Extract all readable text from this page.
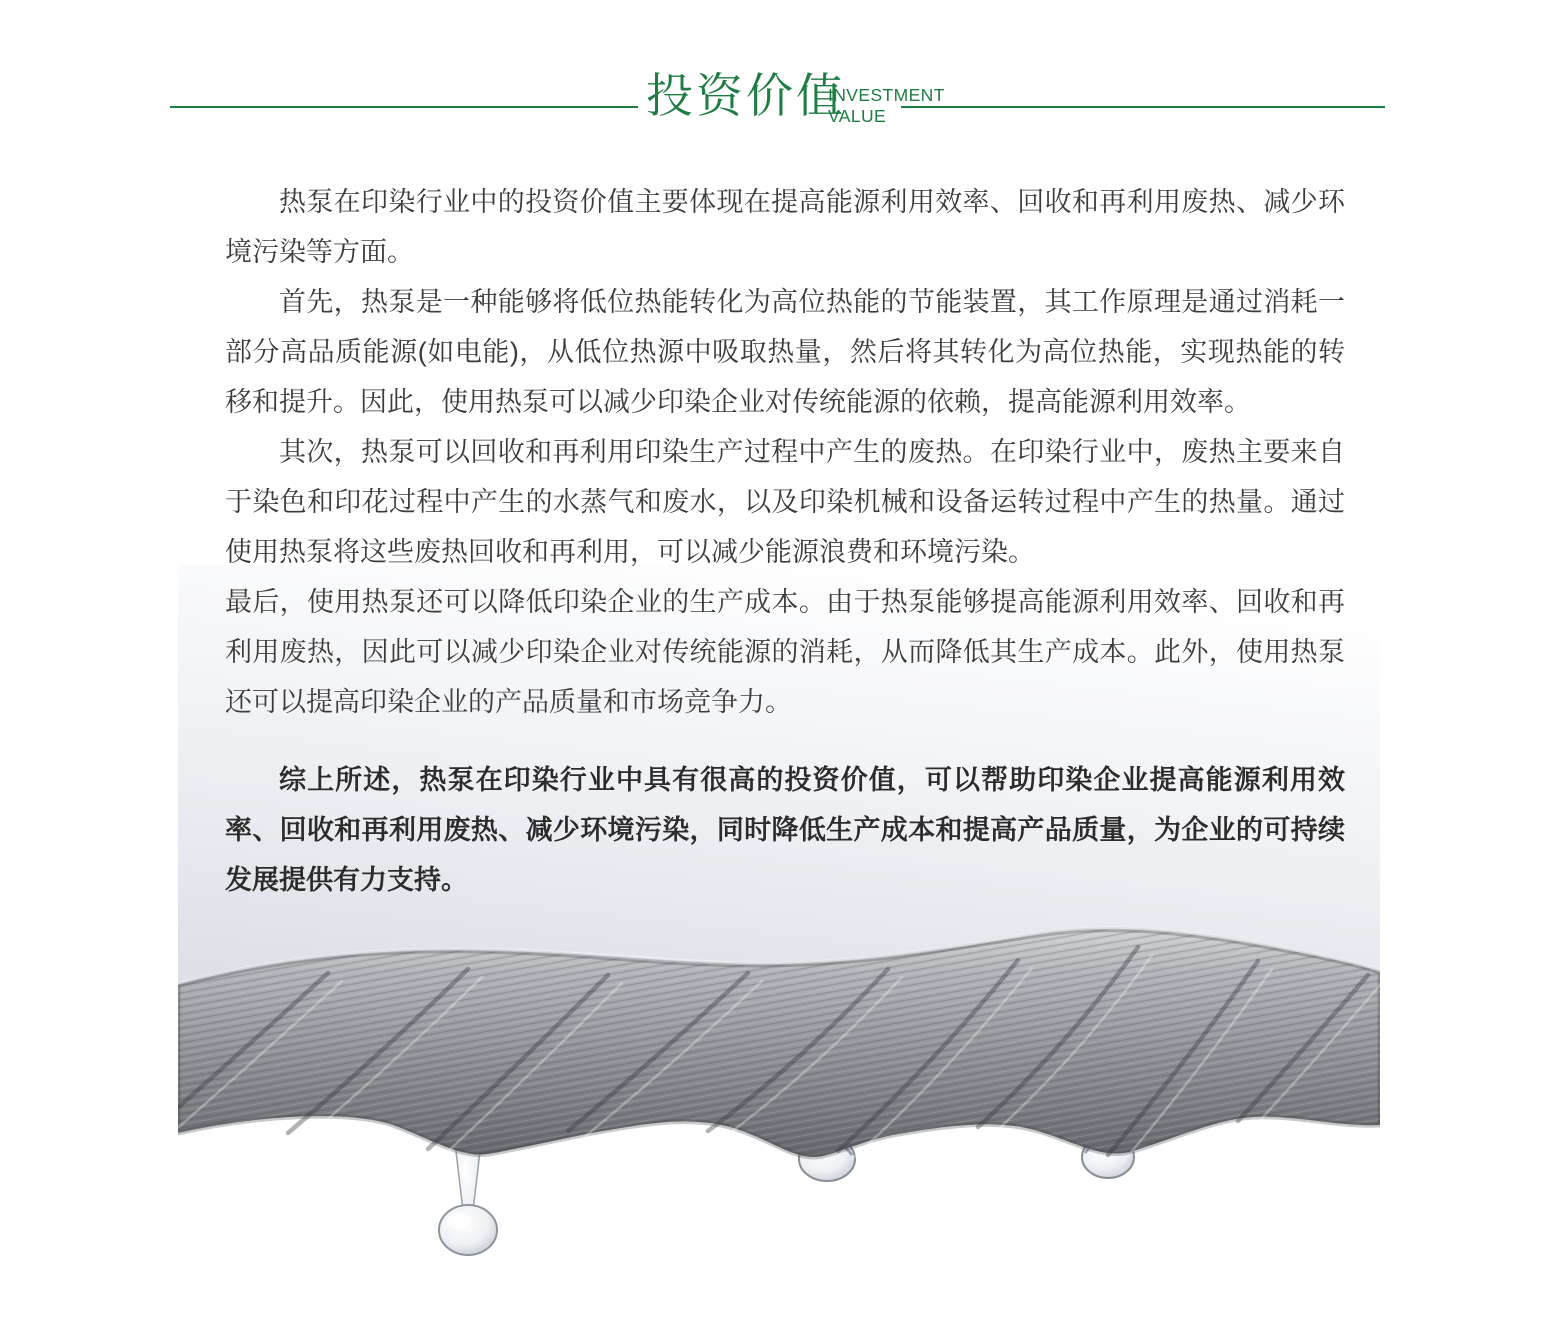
投资价值
INVESTMENT
VALUE

热泵在印染行业中的投资价值主要体现在提高能源利用效率、回收和再利用废热、减少环境污染等方面。

首先，热泵是一种能够将低位热能转化为高位热能的节能装置，其工作原理是通过消耗一部分高品质能源(如电能)，从低位热源中吸取热量，然后将其转化为高位热能，实现热能的转移和提升。因此，使用热泵可以减少印染企业对传统能源的依赖，提高能源利用效率。

其次，热泵可以回收和再利用印染生产过程中产生的废热。在印染行业中，废热主要来自于染色和印花过程中产生的水蒸气和废水，以及印染机械和设备运转过程中产生的热量。通过使用热泵将这些废热回收和再利用，可以减少能源浪费和环境污染。

最后，使用热泵还可以降低印染企业的生产成本。由于热泵能够提高能源利用效率、回收和再利用废热，因此可以减少印染企业对传统能源的消耗，从而降低其生产成本。此外，使用热泵还可以提高印染企业的产品质量和市场竞争力。

综上所述，热泵在印染行业中具有很高的投资价值，可以帮助印染企业提高能源利用效率、回收和再利用废热、减少环境污染，同时降低生产成本和提高产品质量，为企业的可持续发展提供有力支持。
